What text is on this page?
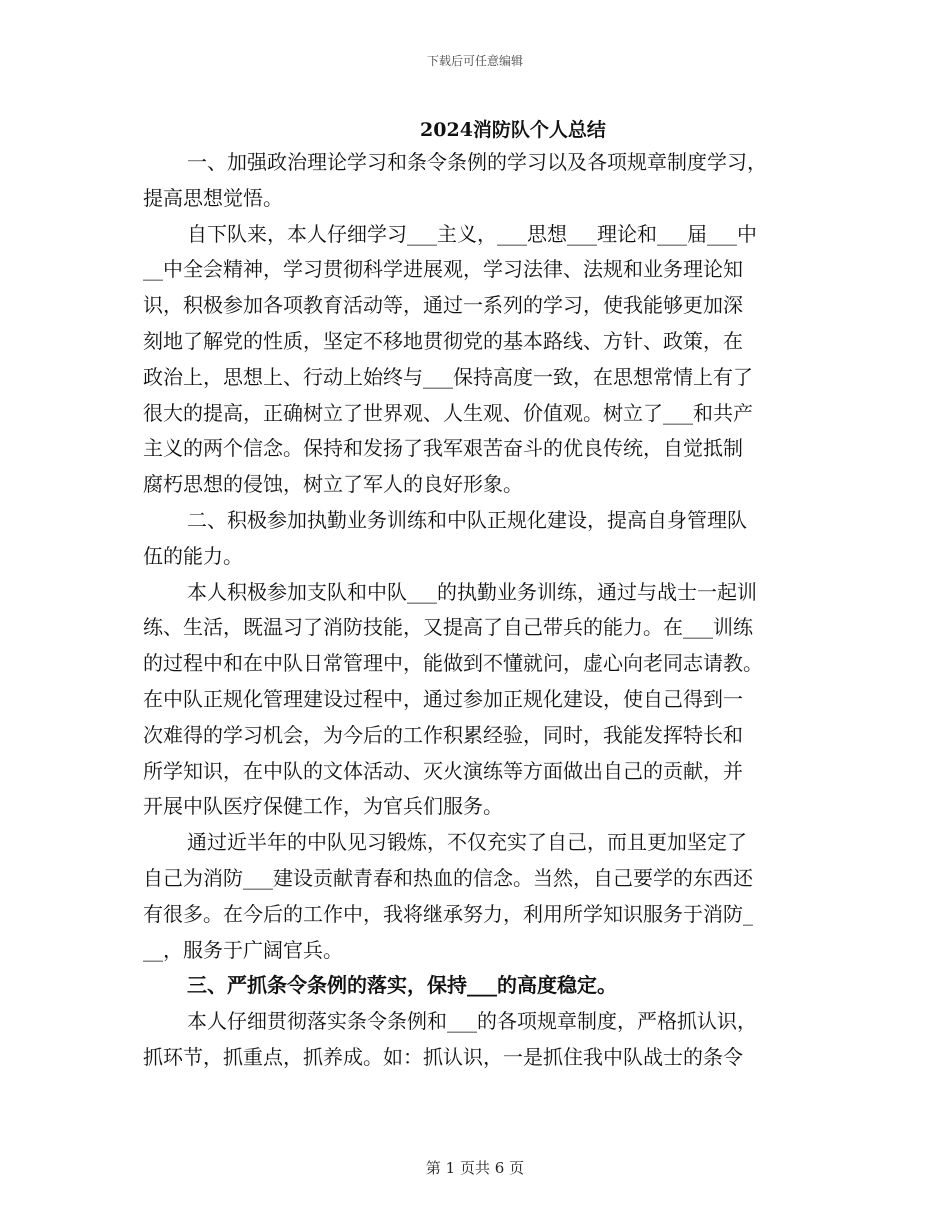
下载后可任意编辑
2024消防队个人总结
一、加强政治理论学习和条令条例的学习以及各项规章制度学习，
提高思想觉悟。
自下队来，本人仔细学习___主义，___思想___理论和___届___中
__中全会精神，学习贯彻科学进展观，学习法律、法规和业务理论知
识，积极参加各项教育活动等，通过一系列的学习，使我能够更加深
刻地了解党的性质，坚定不移地贯彻党的基本路线、方针、政策，在
政治上，思想上、行动上始终与___保持高度一致，在思想常情上有了
很大的提高，正确树立了世界观、人生观、价值观。树立了___和共产
主义的两个信念。保持和发扬了我军艰苦奋斗的优良传统，自觉抵制
腐朽思想的侵蚀，树立了军人的良好形象。
二、积极参加执勤业务训练和中队正规化建设，提高自身管理队
伍的能力。
本人积极参加支队和中队___的执勤业务训练，通过与战士一起训
练、生活，既温习了消防技能，又提高了自己带兵的能力。在___训练
的过程中和在中队日常管理中，能做到不懂就问，虚心向老同志请教。
在中队正规化管理建设过程中，通过参加正规化建设，使自己得到一
次难得的学习机会，为今后的工作积累经验，同时，我能发挥特长和
所学知识，在中队的文体活动、灭火演练等方面做出自己的贡献，并
开展中队医疗保健工作，为官兵们服务。
通过近半年的中队见习锻炼，不仅充实了自己，而且更加坚定了
自己为消防___建设贡献青春和热血的信念。当然，自己要学的东西还
有很多。在今后的工作中，我将继承努力，利用所学知识服务于消防_
__，服务于广阔官兵。
三、严抓条令条例的落实，保持___的高度稳定。
本人仔细贯彻落实条令条例和___的各项规章制度，严格抓认识，
抓环节，抓重点，抓养成。如：抓认识，一是抓住我中队战士的条令
第 1 页共 6 页
